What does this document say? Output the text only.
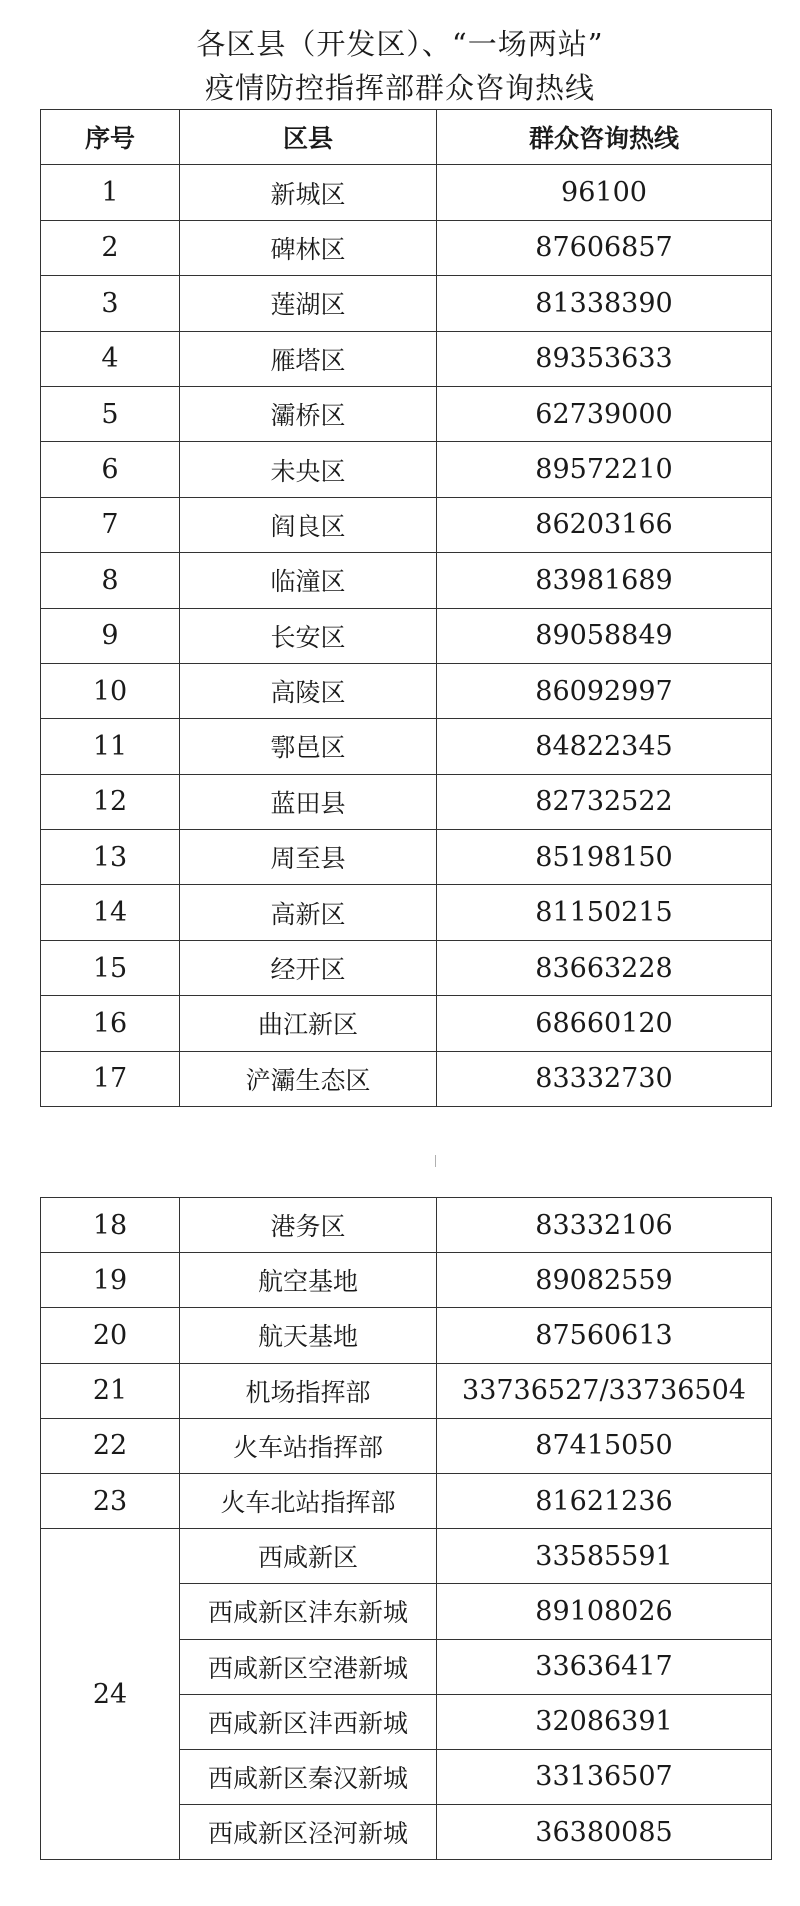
各区县（开发区）、“一场两站”
疫情防控指挥部群众咨询热线
序号	区县	群众咨询热线
1	新城区	96100
2	碑林区	87606857
3	莲湖区	81338390
4	雁塔区	89353633
5	灞桥区	62739000
6	未央区	89572210
7	阎良区	86203166
8	临潼区	83981689
9	长安区	89058849
10	高陵区	86092997
11	鄠邑区	84822345
12	蓝田县	82732522
13	周至县	85198150
14	高新区	81150215
15	经开区	83663228
16	曲江新区	68660120
17	浐灞生态区	83332730
18	港务区	83332106
19	航空基地	89082559
20	航天基地	87560613
21	机场指挥部	33736527/33736504
22	火车站指挥部	87415050
23	火车北站指挥部	81621236
24	西咸新区	33585591
	西咸新区沣东新城	89108026
	西咸新区空港新城	33636417
	西咸新区沣西新城	32086391
	西咸新区秦汉新城	33136507
	西咸新区泾河新城	36380085
